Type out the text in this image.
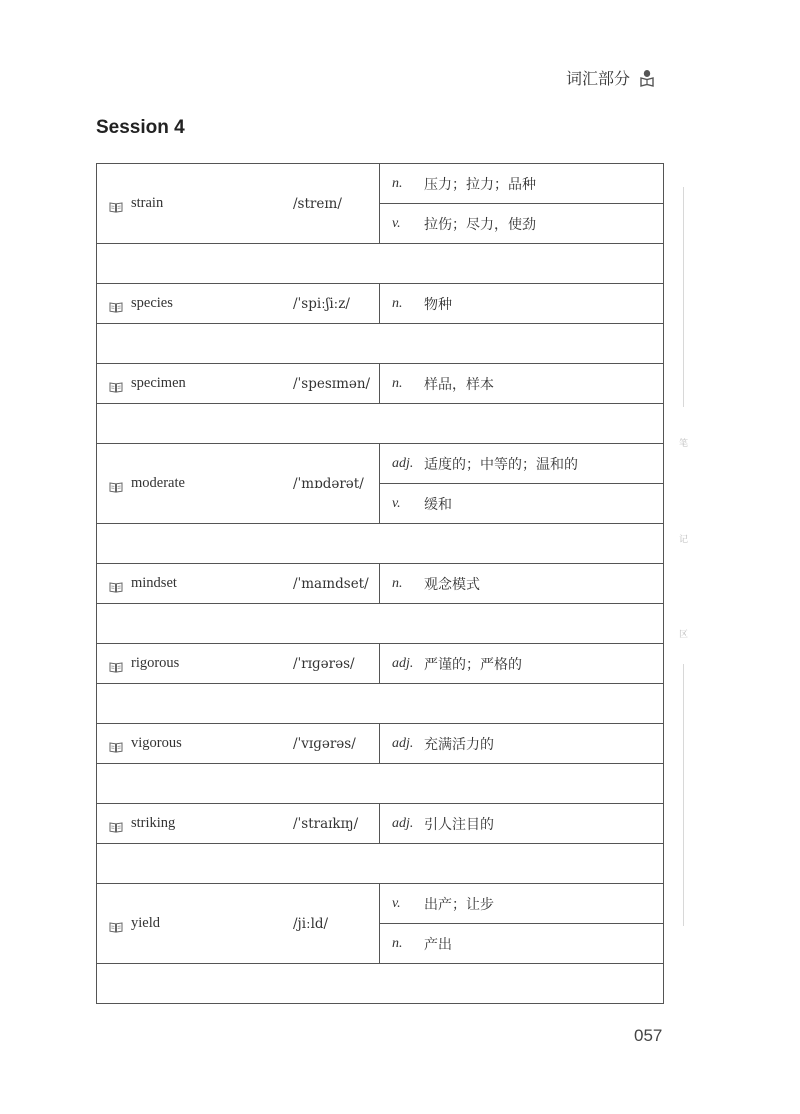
词汇部分
Session 4
strain /streɪn/	n. 压力；拉力；品种

	v. 拉伤；尽力，使劲

species /ˈspiːʃiːz/	n. 物种

specimen /ˈspesɪmən/	n. 样品，样本

moderate /ˈmɒdərət/	adj. 适度的；中等的；温和的

	v. 缓和

mindset /ˈmaɪndset/	n. 观念模式

rigorous /ˈrɪɡərəs/	adj. 严谨的；严格的

vigorous /ˈvɪɡərəs/	adj. 充满活力的

striking /ˈstraɪkɪŋ/	adj. 引人注目的

yield /jiːld/	v. 出产；让步

	n. 产出

笔
记
区
057
